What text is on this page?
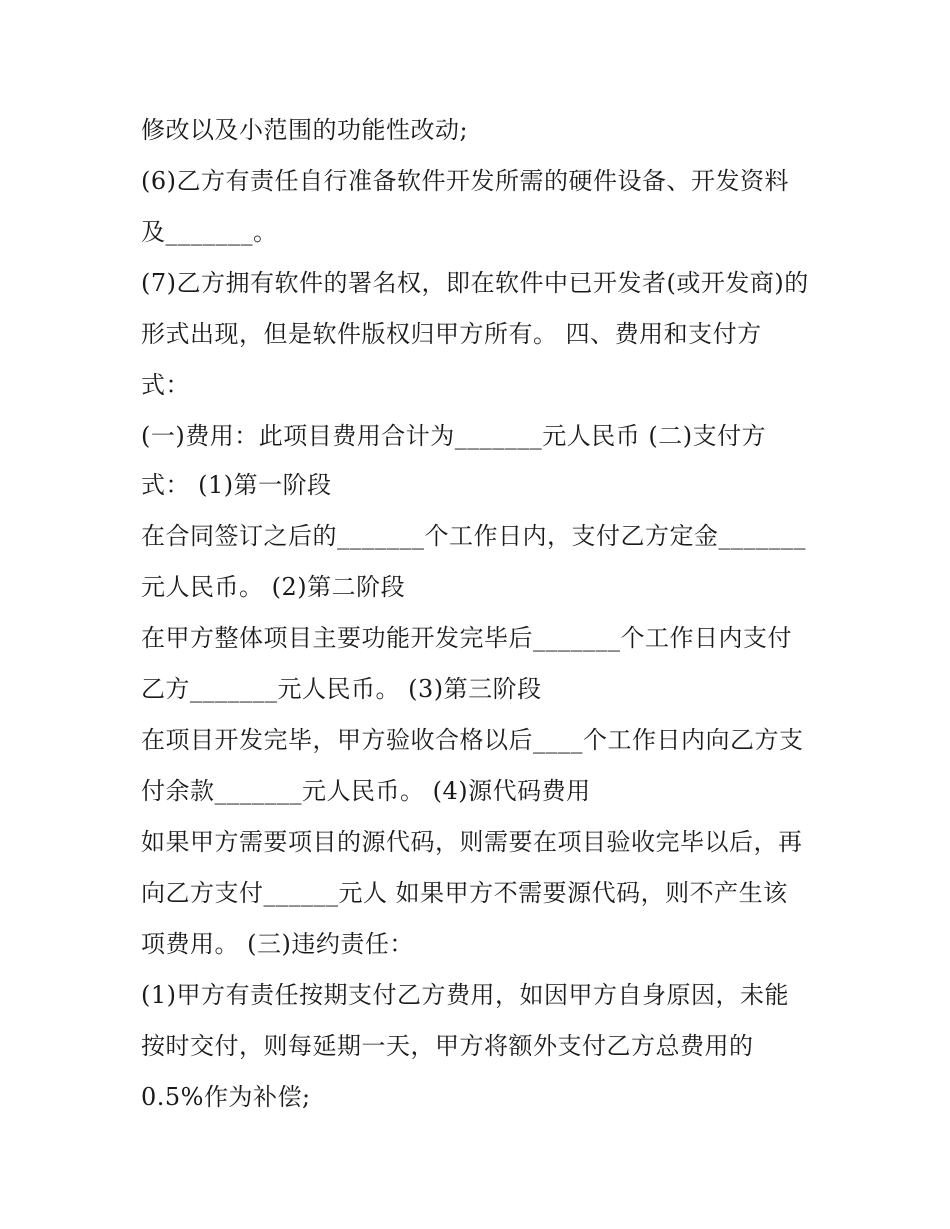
修改以及小范围的功能性改动;
(6)乙方有责任自行准备软件开发所需的硬件设备、开发资料
及_______。
(7)乙方拥有软件的署名权，即在软件中已开发者(或开发商)的
形式出现，但是软件版权归甲方所有。 四、费用和支付方
式：
(一)费用：此项目费用合计为_______元人民币 (二)支付方
式： (1)第一阶段
在合同签订之后的_______个工作日内，支付乙方定金_______
元人民币。 (2)第二阶段
在甲方整体项目主要功能开发完毕后_______个工作日内支付
乙方_______元人民币。 (3)第三阶段
在项目开发完毕，甲方验收合格以后____个工作日内向乙方支
付余款_______元人民币。 (4)源代码费用
如果甲方需要项目的源代码，则需要在项目验收完毕以后，再
向乙方支付______元人 如果甲方不需要源代码，则不产生该
项费用。 (三)违约责任：
(1)甲方有责任按期支付乙方费用，如因甲方自身原因，未能
按时交付，则每延期一天，甲方将额外支付乙方总费用的
0.5%作为补偿;
